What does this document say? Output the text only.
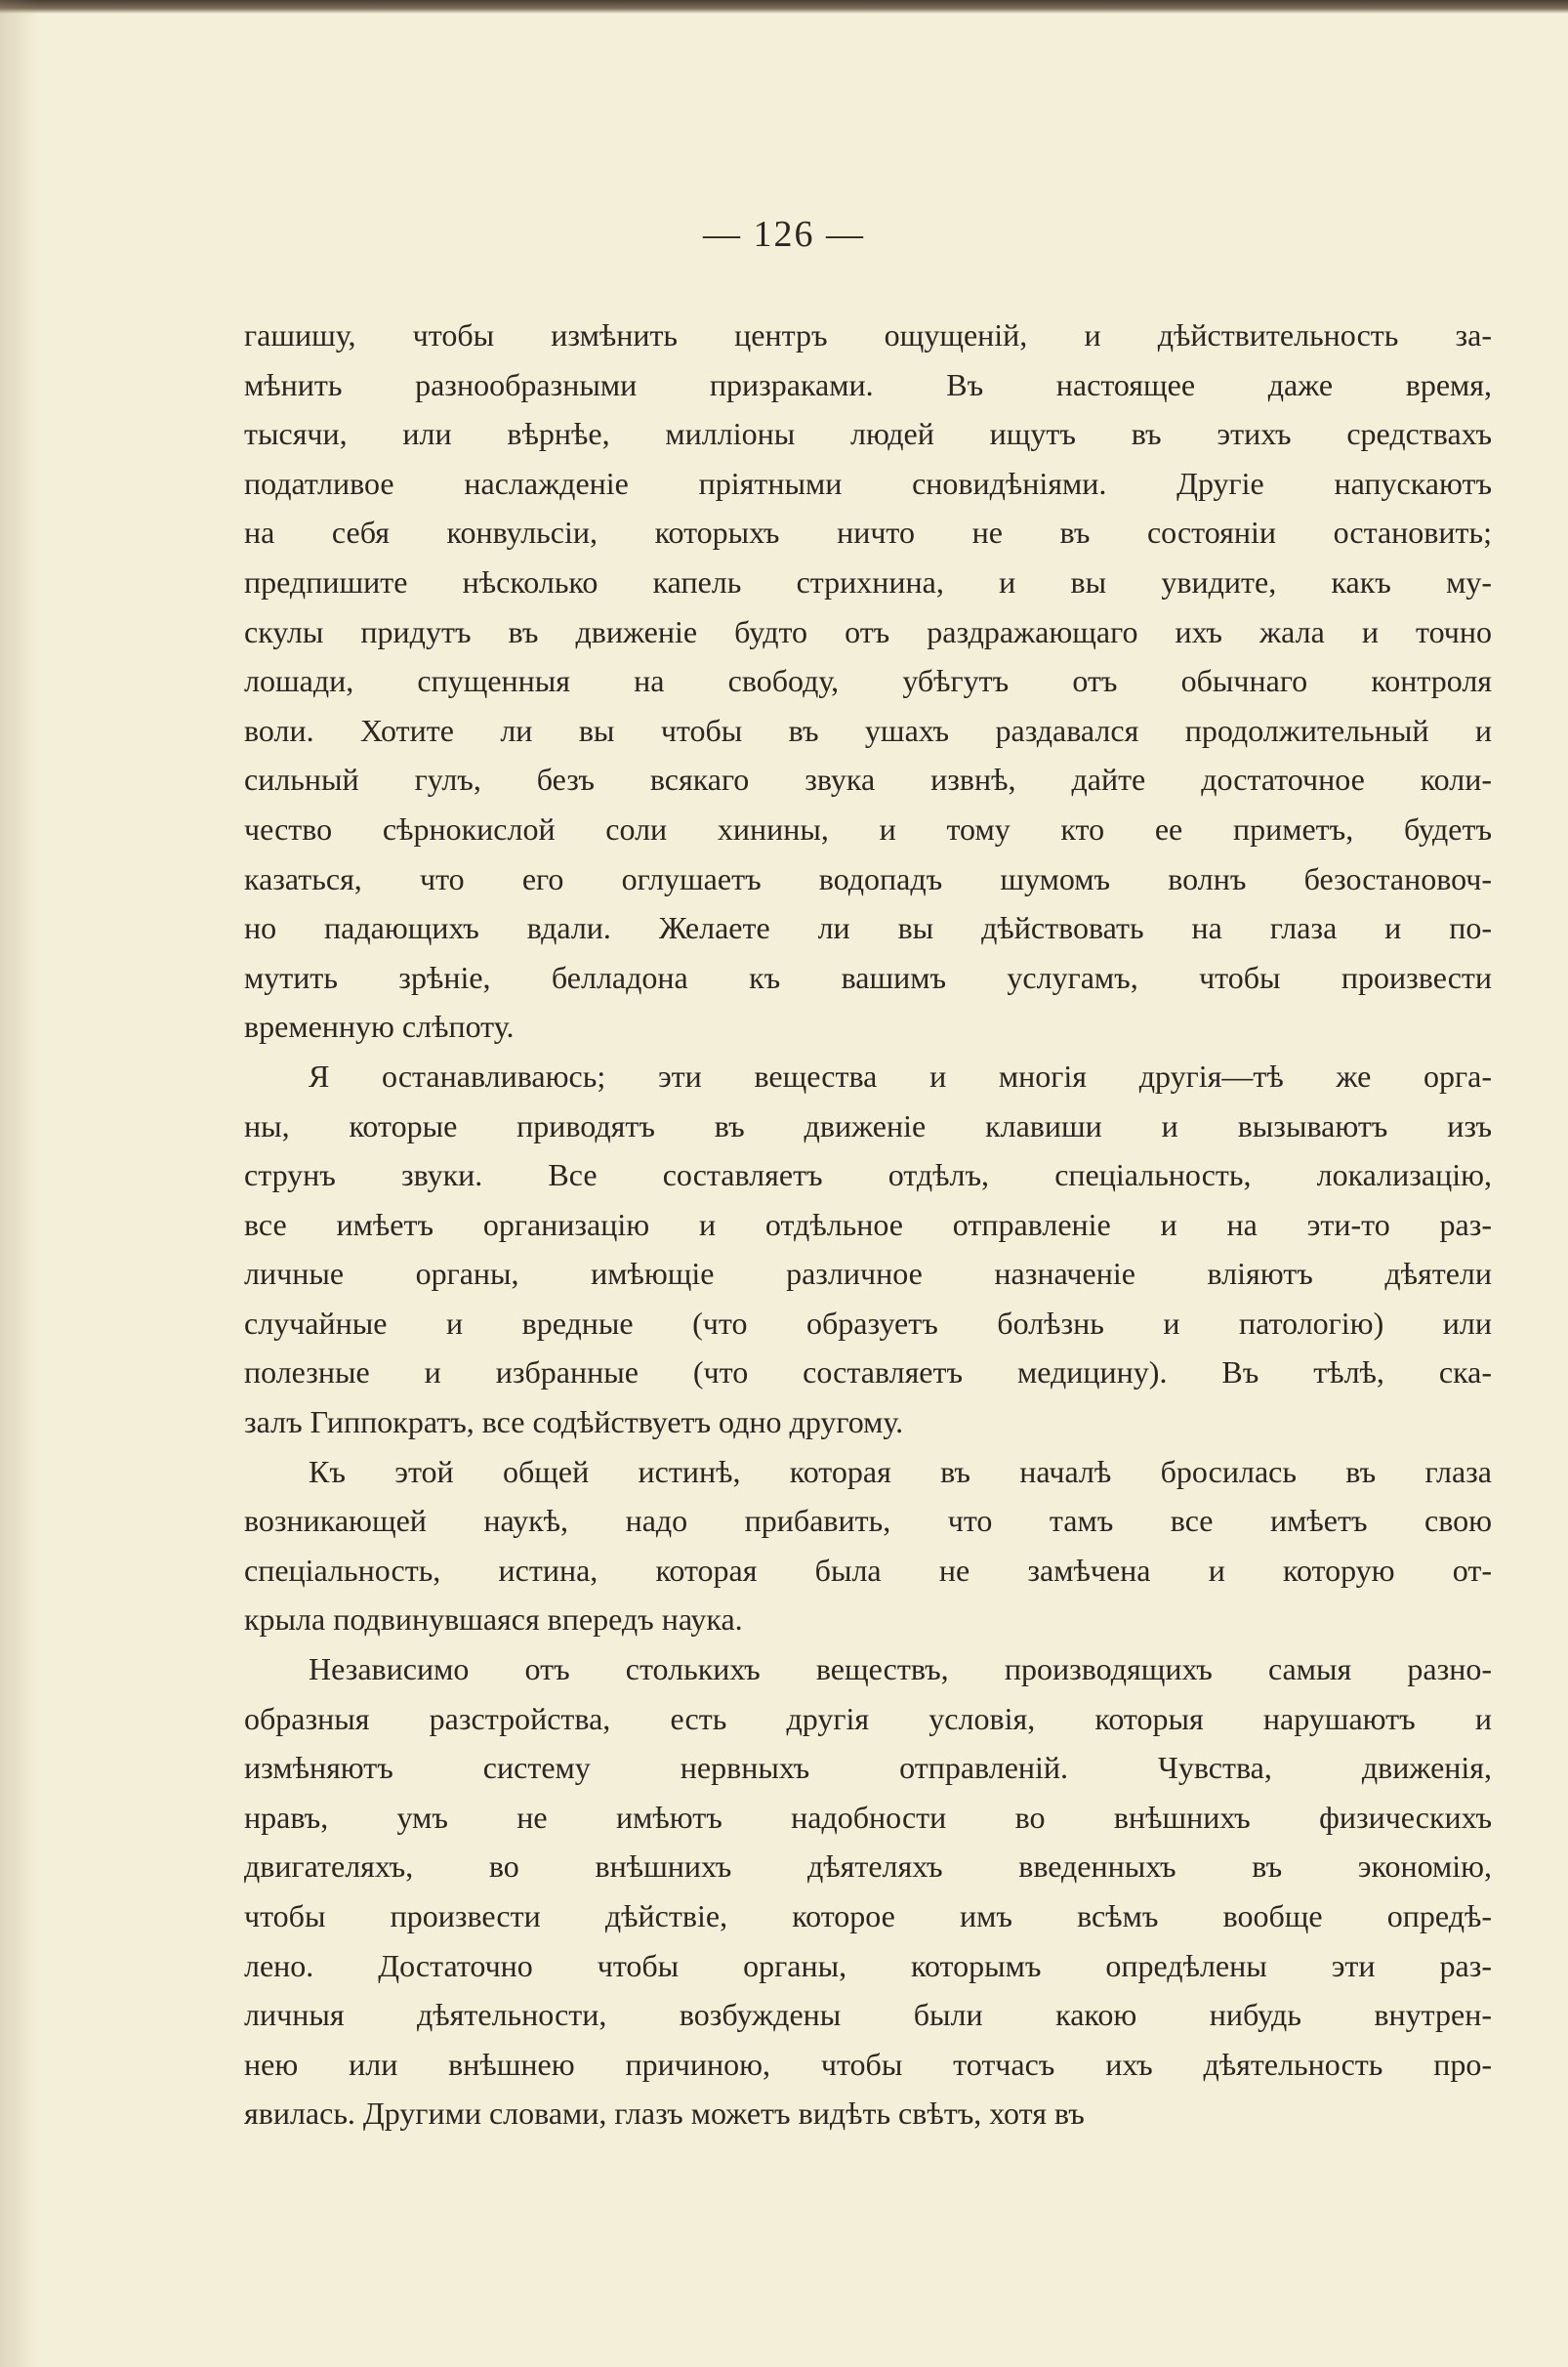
— 126 —
гашишу, чтобы измѣнить центръ ощущеній, и дѣйствительность за-
мѣнить разнообразными призраками. Въ настоящее даже время,
тысячи, или вѣрнѣе, милліоны людей ищутъ въ этихъ средствахъ
податливое наслажденіе пріятными сновидѣніями. Другіе напускаютъ
на себя конвульсіи, которыхъ ничто не въ состояніи остановить;
предпишите нѣсколько капель стрихнина, и вы увидите, какъ му-
скулы придутъ въ движеніе будто отъ раздражающаго ихъ жала и точно
лошади, спущенныя на свободу, убѣгутъ отъ обычнаго контроля
воли. Хотите ли вы чтобы въ ушахъ раздавался продолжительный и
сильный гулъ, безъ всякаго звука извнѣ, дайте достаточное коли-
чество сѣрнокислой соли хинины, и тому кто ее приметъ, будетъ
казаться, что его оглушаетъ водопадъ шумомъ волнъ безостановоч-
но падающихъ вдали. Желаете ли вы дѣйствовать на глаза и по-
мутить зрѣніе, белладона къ вашимъ услугамъ, чтобы произвести
временную слѣпоту.
Я останавливаюсь; эти вещества и многія другія—тѣ же орга-
ны, которые приводятъ въ движеніе клавиши и вызываютъ изъ
струнъ звуки. Все составляетъ отдѣлъ, спеціальность, локализацію,
все имѣетъ организацію и отдѣльное отправленіе и на эти-то раз-
личные органы, имѣющіе различное назначеніе вліяютъ дѣятели
случайные и вредные (что образуетъ болѣзнь и патологію) или
полезные и избранные (что составляетъ медицину). Въ тѣлѣ, ска-
залъ Гиппократъ, все содѣйствуетъ одно другому.
Къ этой общей истинѣ, которая въ началѣ бросилась въ глаза
возникающей наукѣ, надо прибавить, что тамъ все имѣетъ свою
спеціальность, истина, которая была не замѣчена и которую от-
крыла подвинувшаяся впередъ наука.
Независимо отъ столькихъ веществъ, производящихъ самыя разно-
образныя разстройства, есть другія условія, которыя нарушаютъ и
измѣняютъ систему нервныхъ отправленій. Чувства, движенія,
нравъ, умъ не имѣютъ надобности во внѣшнихъ физическихъ
двигателяхъ, во внѣшнихъ дѣятеляхъ введенныхъ въ экономію,
чтобы произвести дѣйствіе, которое имъ всѣмъ вообще опредѣ-
лено. Достаточно чтобы органы, которымъ опредѣлены эти раз-
личныя дѣятельности, возбуждены были какою нибудь внутрен-
нею или внѣшнею причиною, чтобы тотчасъ ихъ дѣятельность про-
явилась. Другими словами, глазъ можетъ видѣть свѣтъ, хотя въ
